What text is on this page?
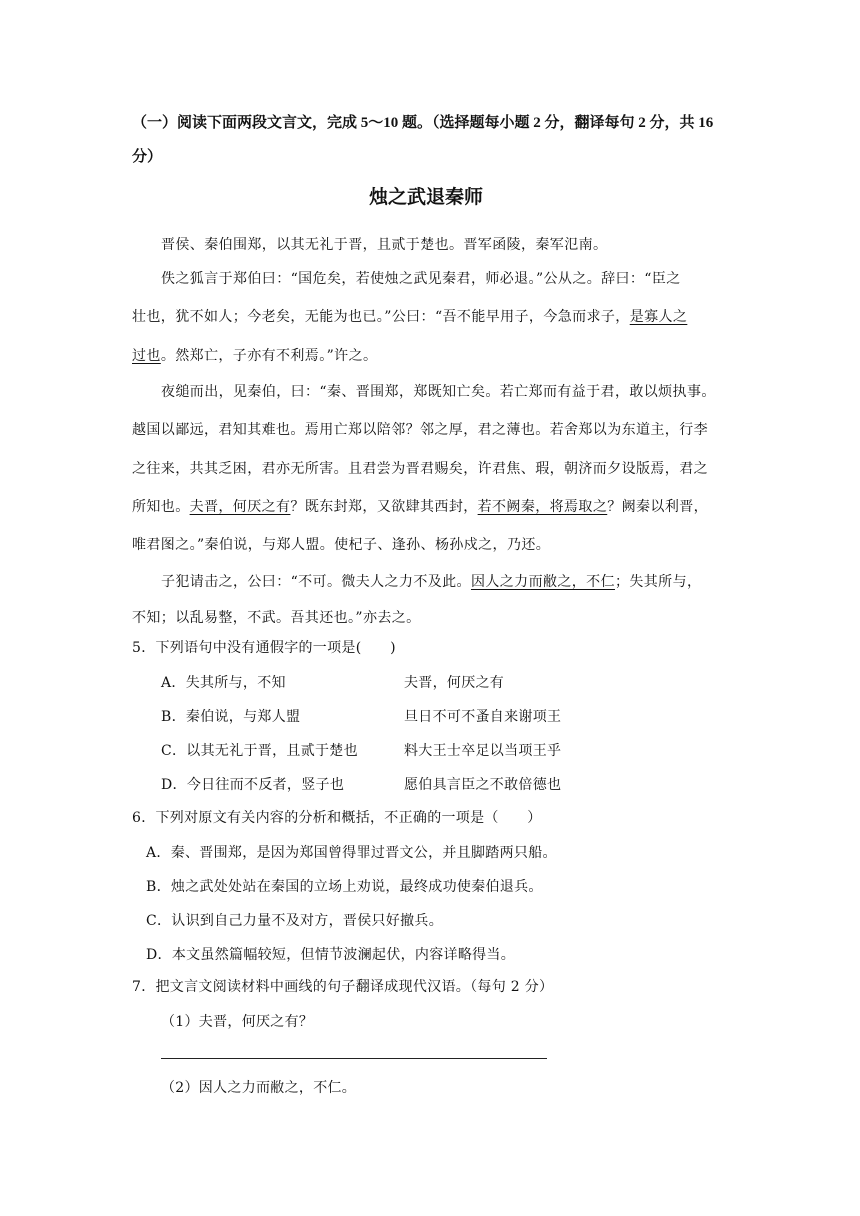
（一）阅读下面两段文言文，完成 5～10 题。（选择题每小题 2 分，翻译每句 2 分，共 16
分）
烛之武退秦师
晋侯、秦伯围郑，以其无礼于晋，且贰于楚也。晋军函陵，秦军氾南。
佚之狐言于郑伯曰：“国危矣，若使烛之武见秦君，师必退。”公从之。辞曰：“臣之
壮也，犹不如人；今老矣，无能为也已。”公曰：“吾不能早用子，今急而求子，是寡人之
过也。然郑亡，子亦有不利焉。”许之。
夜缒而出，见秦伯，曰：“秦、晋围郑，郑既知亡矣。若亡郑而有益于君，敢以烦执事。
越国以鄙远，君知其难也。焉用亡郑以陪邻？邻之厚，君之薄也。若舍郑以为东道主，行李
之往来，共其乏困，君亦无所害。且君尝为晋君赐矣，许君焦、瑕，朝济而夕设版焉，君之
所知也。夫晋，何厌之有？既东封郑，又欲肆其西封，若不阙秦，将焉取之？阙秦以利晋，
唯君图之。”秦伯说，与郑人盟。使杞子、逢孙、杨孙戍之，乃还。
子犯请击之，公曰：“不可。微夫人之力不及此。因人之力而敝之，不仁；失其所与，
不知；以乱易整，不武。吾其还也。”亦去之。
5．下列语句中没有通假字的一项是(　　)
A．失其所与，不知	夫晋，何厌之有
B．秦伯说，与郑人盟	旦日不可不蚤自来谢项王
C．以其无礼于晋，且贰于楚也	料大王士卒足以当项王乎
D．今日往而不反者，竖子也	愿伯具言臣之不敢倍德也
6．下列对原文有关内容的分析和概括，不正确的一项是（　　）
A．秦、晋围郑，是因为郑国曾得罪过晋文公，并且脚踏两只船。
B．烛之武处处站在秦国的立场上劝说，最终成功使秦伯退兵。
C．认识到自己力量不及对方，晋侯只好撤兵。
D．本文虽然篇幅较短，但情节波澜起伏，内容详略得当。
7．把文言文阅读材料中画线的句子翻译成现代汉语。（每句 2 分）
（1）夫晋，何厌之有？
（2）因人之力而敝之，不仁。
